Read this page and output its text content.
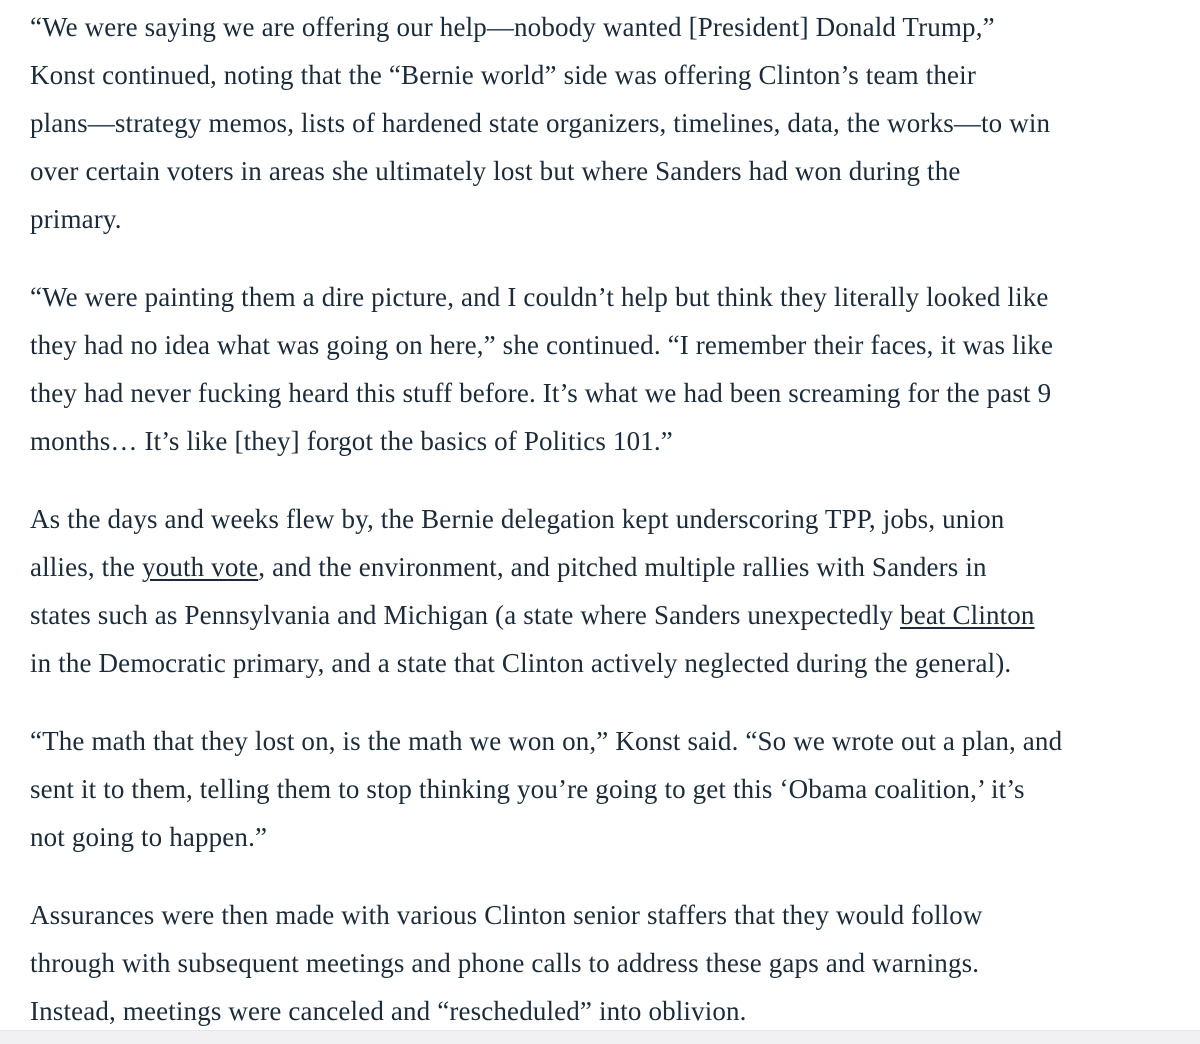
“We were saying we are offering our help—nobody wanted [President] Donald Trump,”
Konst continued, noting that the “Bernie world” side was offering Clinton’s team their
plans—strategy memos, lists of hardened state organizers, timelines, data, the works—to win
over certain voters in areas she ultimately lost but where Sanders had won during the
primary.

“We were painting them a dire picture, and I couldn’t help but think they literally looked like
they had no idea what was going on here,” she continued. “I remember their faces, it was like
they had never fucking heard this stuff before. It’s what we had been screaming for the past 9
months… It’s like [they] forgot the basics of Politics 101.”

As the days and weeks flew by, the Bernie delegation kept underscoring TPP, jobs, union
allies, the youth vote, and the environment, and pitched multiple rallies with Sanders in
states such as Pennsylvania and Michigan (a state where Sanders unexpectedly beat Clinton
in the Democratic primary, and a state that Clinton actively neglected during the general).

“The math that they lost on, is the math we won on,” Konst said. “So we wrote out a plan, and
sent it to them, telling them to stop thinking you’re going to get this ‘Obama coalition,’ it’s
not going to happen.”

Assurances were then made with various Clinton senior staffers that they would follow
through with subsequent meetings and phone calls to address these gaps and warnings.
Instead, meetings were canceled and “rescheduled” into oblivion.
